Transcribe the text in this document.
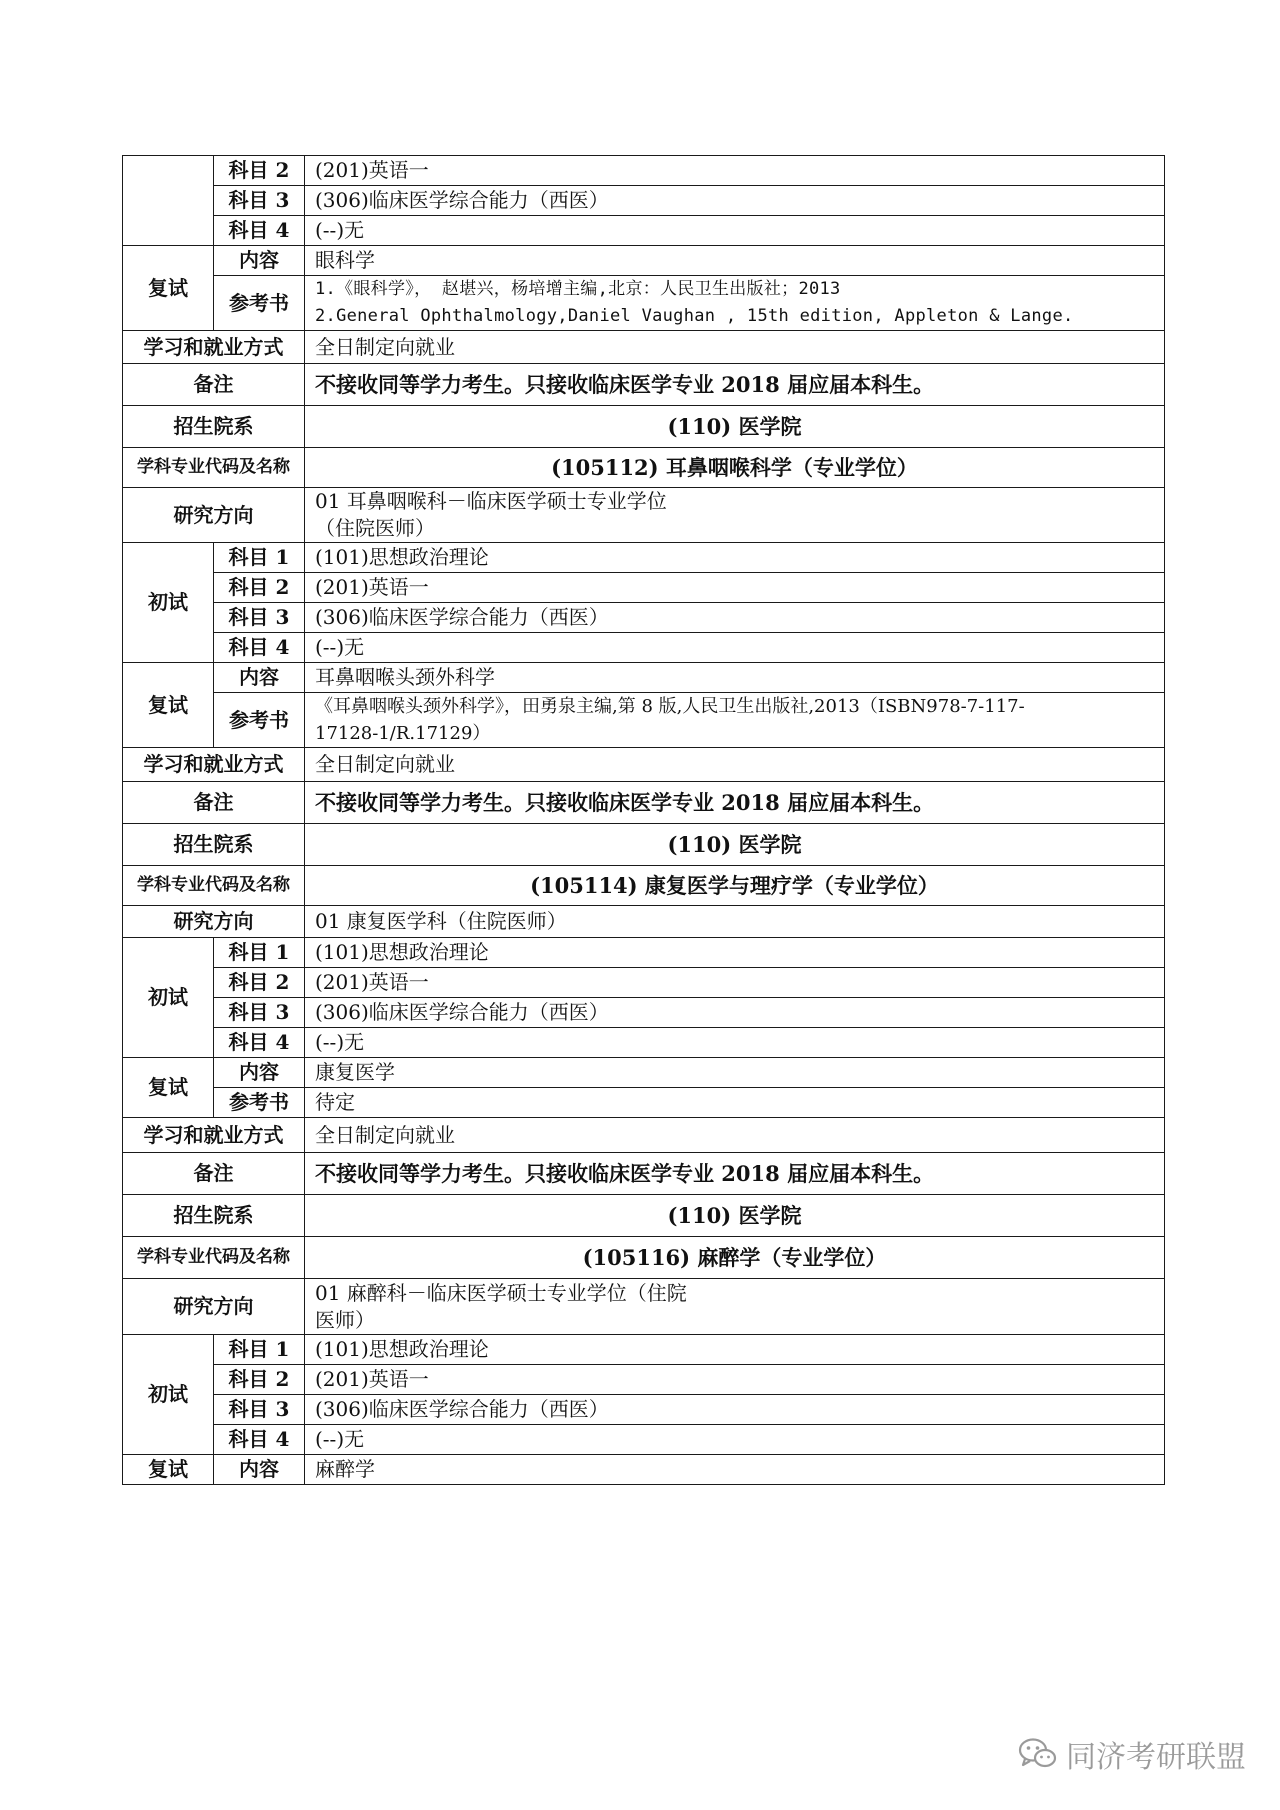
	科目 2	(201)英语一
	科目 3	(306)临床医学综合能力（西医）
	科目 4	(--)无
复试	内容	眼科学
	参考书	1.《眼科学》， 赵堪兴，杨培增主编,北京：人民卫生出版社；2013
2.General Ophthalmology,Daniel Vaughan , 15th edition, Appleton & Lange.

学习和就业方式		全日制定向就业
备注		不接收同等学力考生。只接收临床医学专业 2018 届应届本科生。
招生院系		(110) 医学院
学科专业代码及名称		(105112) 耳鼻咽喉科学（专业学位）
研究方向		01 耳鼻咽喉科－临床医学硕士专业学位
（住院医师）

初试	科目 1	(101)思想政治理论
	科目 2	(201)英语一
	科目 3	(306)临床医学综合能力（西医）
	科目 4	(--)无
复试	内容	耳鼻咽喉头颈外科学
	参考书	《耳鼻咽喉头颈外科学》，田勇泉主编,第 8 版,人民卫生出版社,2013（ISBN978-7-117-
17128-1/R.17129）

学习和就业方式		全日制定向就业
备注		不接收同等学力考生。只接收临床医学专业 2018 届应届本科生。
招生院系		(110) 医学院
学科专业代码及名称		(105114) 康复医学与理疗学（专业学位）
研究方向		01 康复医学科（住院医师）
初试	科目 1	(101)思想政治理论
	科目 2	(201)英语一
	科目 3	(306)临床医学综合能力（西医）
	科目 4	(--)无
复试	内容	康复医学
	参考书	待定
学习和就业方式		全日制定向就业
备注		不接收同等学力考生。只接收临床医学专业 2018 届应届本科生。
招生院系		(110) 医学院
学科专业代码及名称		(105116) 麻醉学（专业学位）
研究方向		01 麻醉科－临床医学硕士专业学位（住院
医师）

初试	科目 1	(101)思想政治理论
	科目 2	(201)英语一
	科目 3	(306)临床医学综合能力（西医）
	科目 4	(--)无
复试	内容	麻醉学
同济考研联盟
